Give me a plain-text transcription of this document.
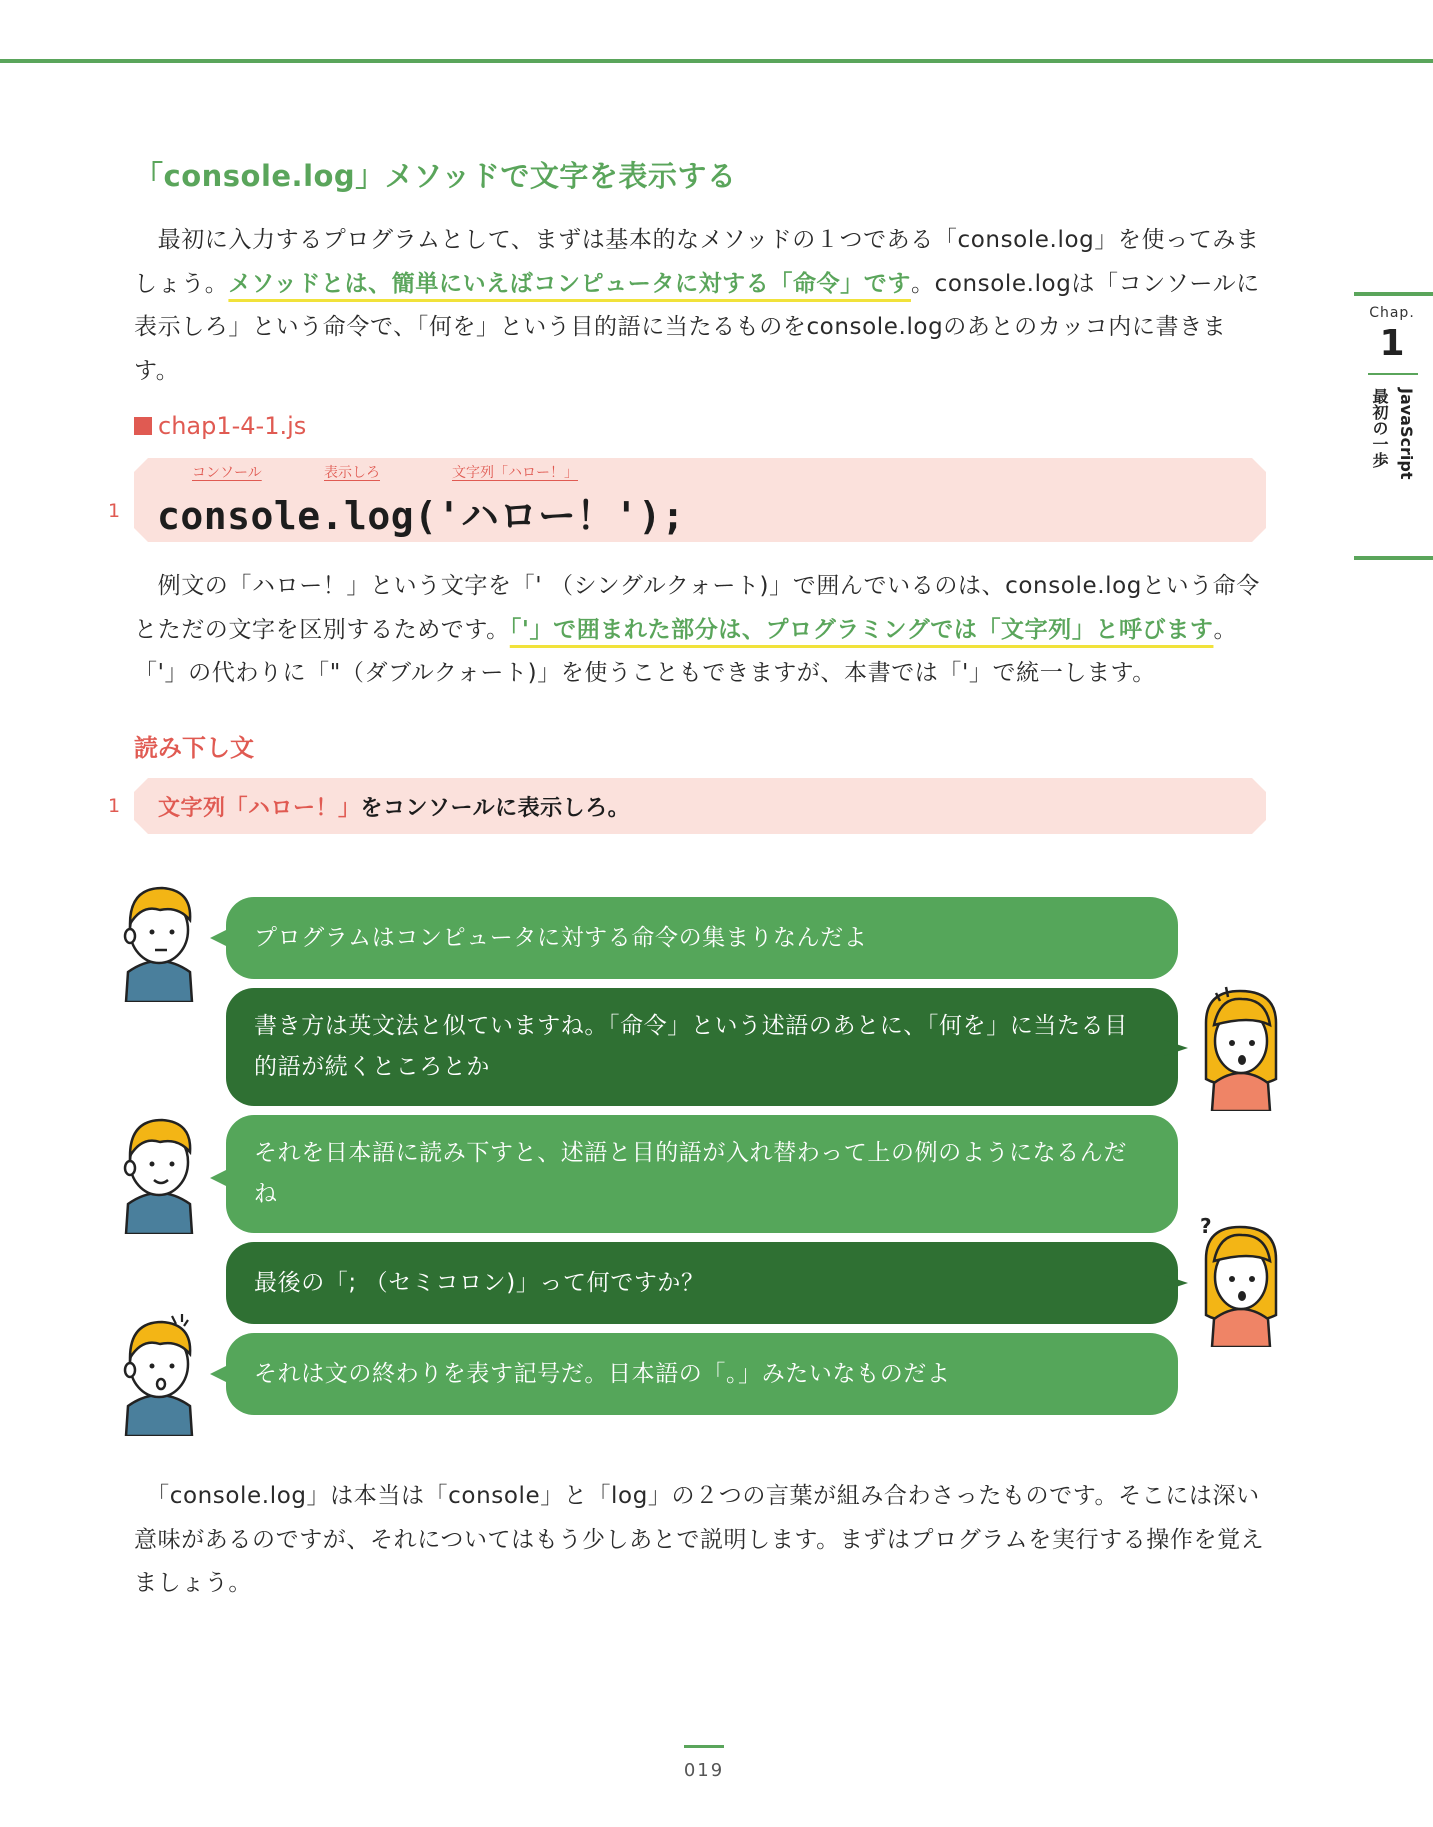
Chap.
1
JavaScript
最初の一歩
「console.log」メソッドで文字を表示する
　最初に入力するプログラムとして、まずは基本的なメソッドの１つである「console.log」を使ってみましょう。メソッドとは、簡単にいえばコンピュータに対する「命令」です。console.logは「コンソールに表示しろ」という命令で、「何を」という目的語に当たるものをconsole.logのあとのカッコ内に書きます。
chap1-4-1.js
1
コンソール	表示しろ	文字列「ハロー！」
console.log('ハロー！');
　例文の「ハロー！」という文字を「' （シングルクォート)」で囲んでいるのは、console.logという命令とただの文字を区別するためです。「'」で囲まれた部分は、プログラミングでは「文字列」と呼びます。「'」の代わりに「"（ダブルクォート)」を使うこともできますが、本書では「'」で統一します。
読み下し文
1 文字列「ハロー！」をコンソールに表示しろ。
プログラムはコンピュータに対する命令の集まりなんだよ
書き方は英文法と似ていますね。「命令」という述語のあとに、「何を」に当たる目的語が続くところとか
それを日本語に読み下すと、述語と目的語が入れ替わって上の例のようになるんだね
最後の「; （セミコロン)」って何ですか？
それは文の終わりを表す記号だ。日本語の「。」みたいなものだよ
?
　「console.log」は本当は「console」と「log」の２つの言葉が組み合わさったものです。そこには深い意味があるのですが、それについてはもう少しあとで説明します。まずはプログラムを実行する操作を覚えましょう。
019
